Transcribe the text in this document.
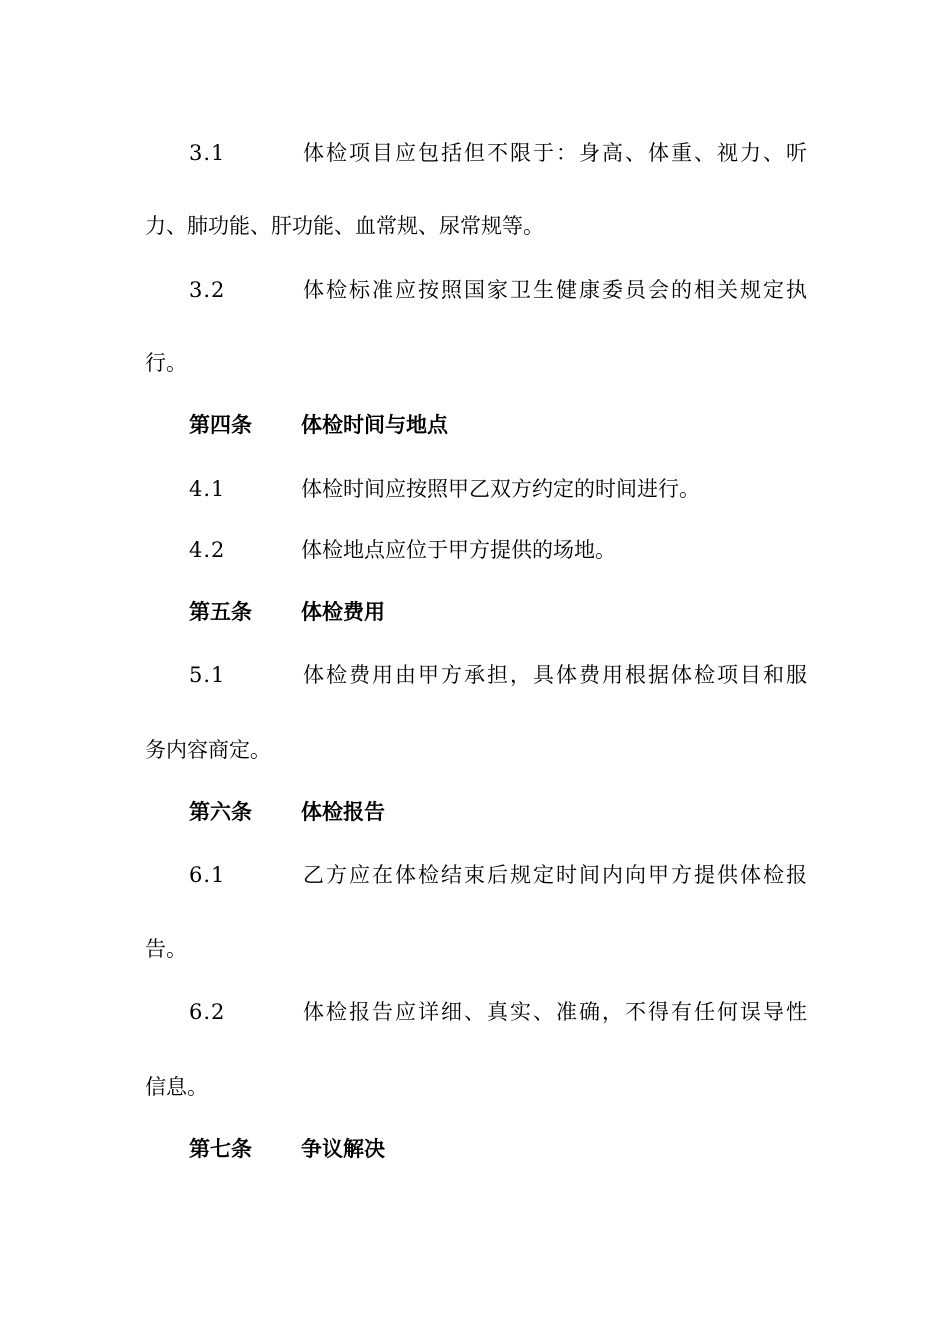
3.1	体检项目应包括但不限于：身高、体重、视力、听
力、肺功能、肝功能、血常规、尿常规等。
3.2	体检标准应按照国家卫生健康委员会的相关规定执
行。
第四条 体检时间与地点
4.1	体检时间应按照甲乙双方约定的时间进行。
4.2	体检地点应位于甲方提供的场地。
第五条 体检费用
5.1	体检费用由甲方承担，具体费用根据体检项目和服
务内容商定。
第六条 体检报告
6.1	乙方应在体检结束后规定时间内向甲方提供体检报
告。
6.2	体检报告应详细、真实、准确，不得有任何误导性
信息。
第七条 争议解决
